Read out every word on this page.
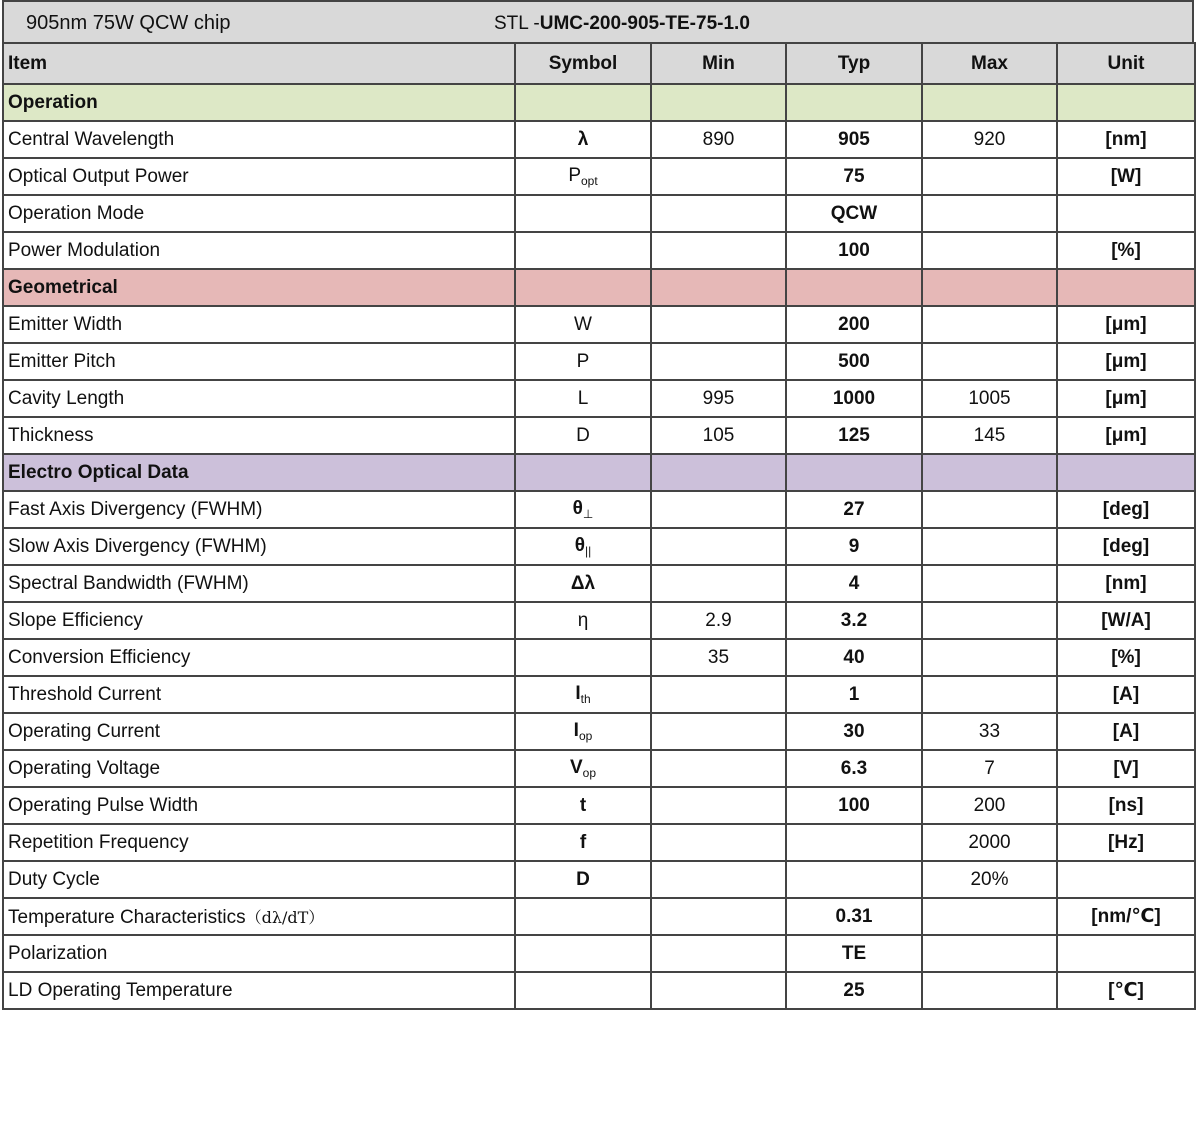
905nm 75W QCW chip	STL -UMC-200-905-TE-75-1.0
Item	Symbol	Min	Typ	Max	Unit
Operation					
Central Wavelength	λ	890	905	920	[nm]
Optical Output Power	$P_{opt}$		75		[W]
Operation Mode			QCW		
Power Modulation			100		[%]
Geometrical					
Emitter Width	W		200		[μm]
Emitter Pitch	P		500		[μm]
Cavity Length	L	995	1000	1005	[μm]
Thickness	D	105	125	145	[μm]
Electro Optical Data					
Fast Axis Divergency (FWHM)	$\theta_\perp$		27		[deg]
Slow Axis Divergency (FWHM)	$\theta_{||}$		9		[deg]
Spectral Bandwidth (FWHM)	Δλ		4		[nm]
Slope Efficiency	η	2.9	3.2		[W/A]
Conversion Efficiency		35	40		[%]
Threshold Current	$I_{th}$		1		[A]
Operating Current	$I_{op}$		30	33	[A]
Operating Voltage	$V_{op}$		6.3	7	[V]
Operating Pulse Width	t		100	200	[ns]
Repetition Frequency	f			2000	[Hz]
Duty Cycle	D			20%	
Temperature Characteristics（dλ/dT）			0.31		[nm/℃]
Polarization			TE		
LD Operating Temperature			25		[℃]
